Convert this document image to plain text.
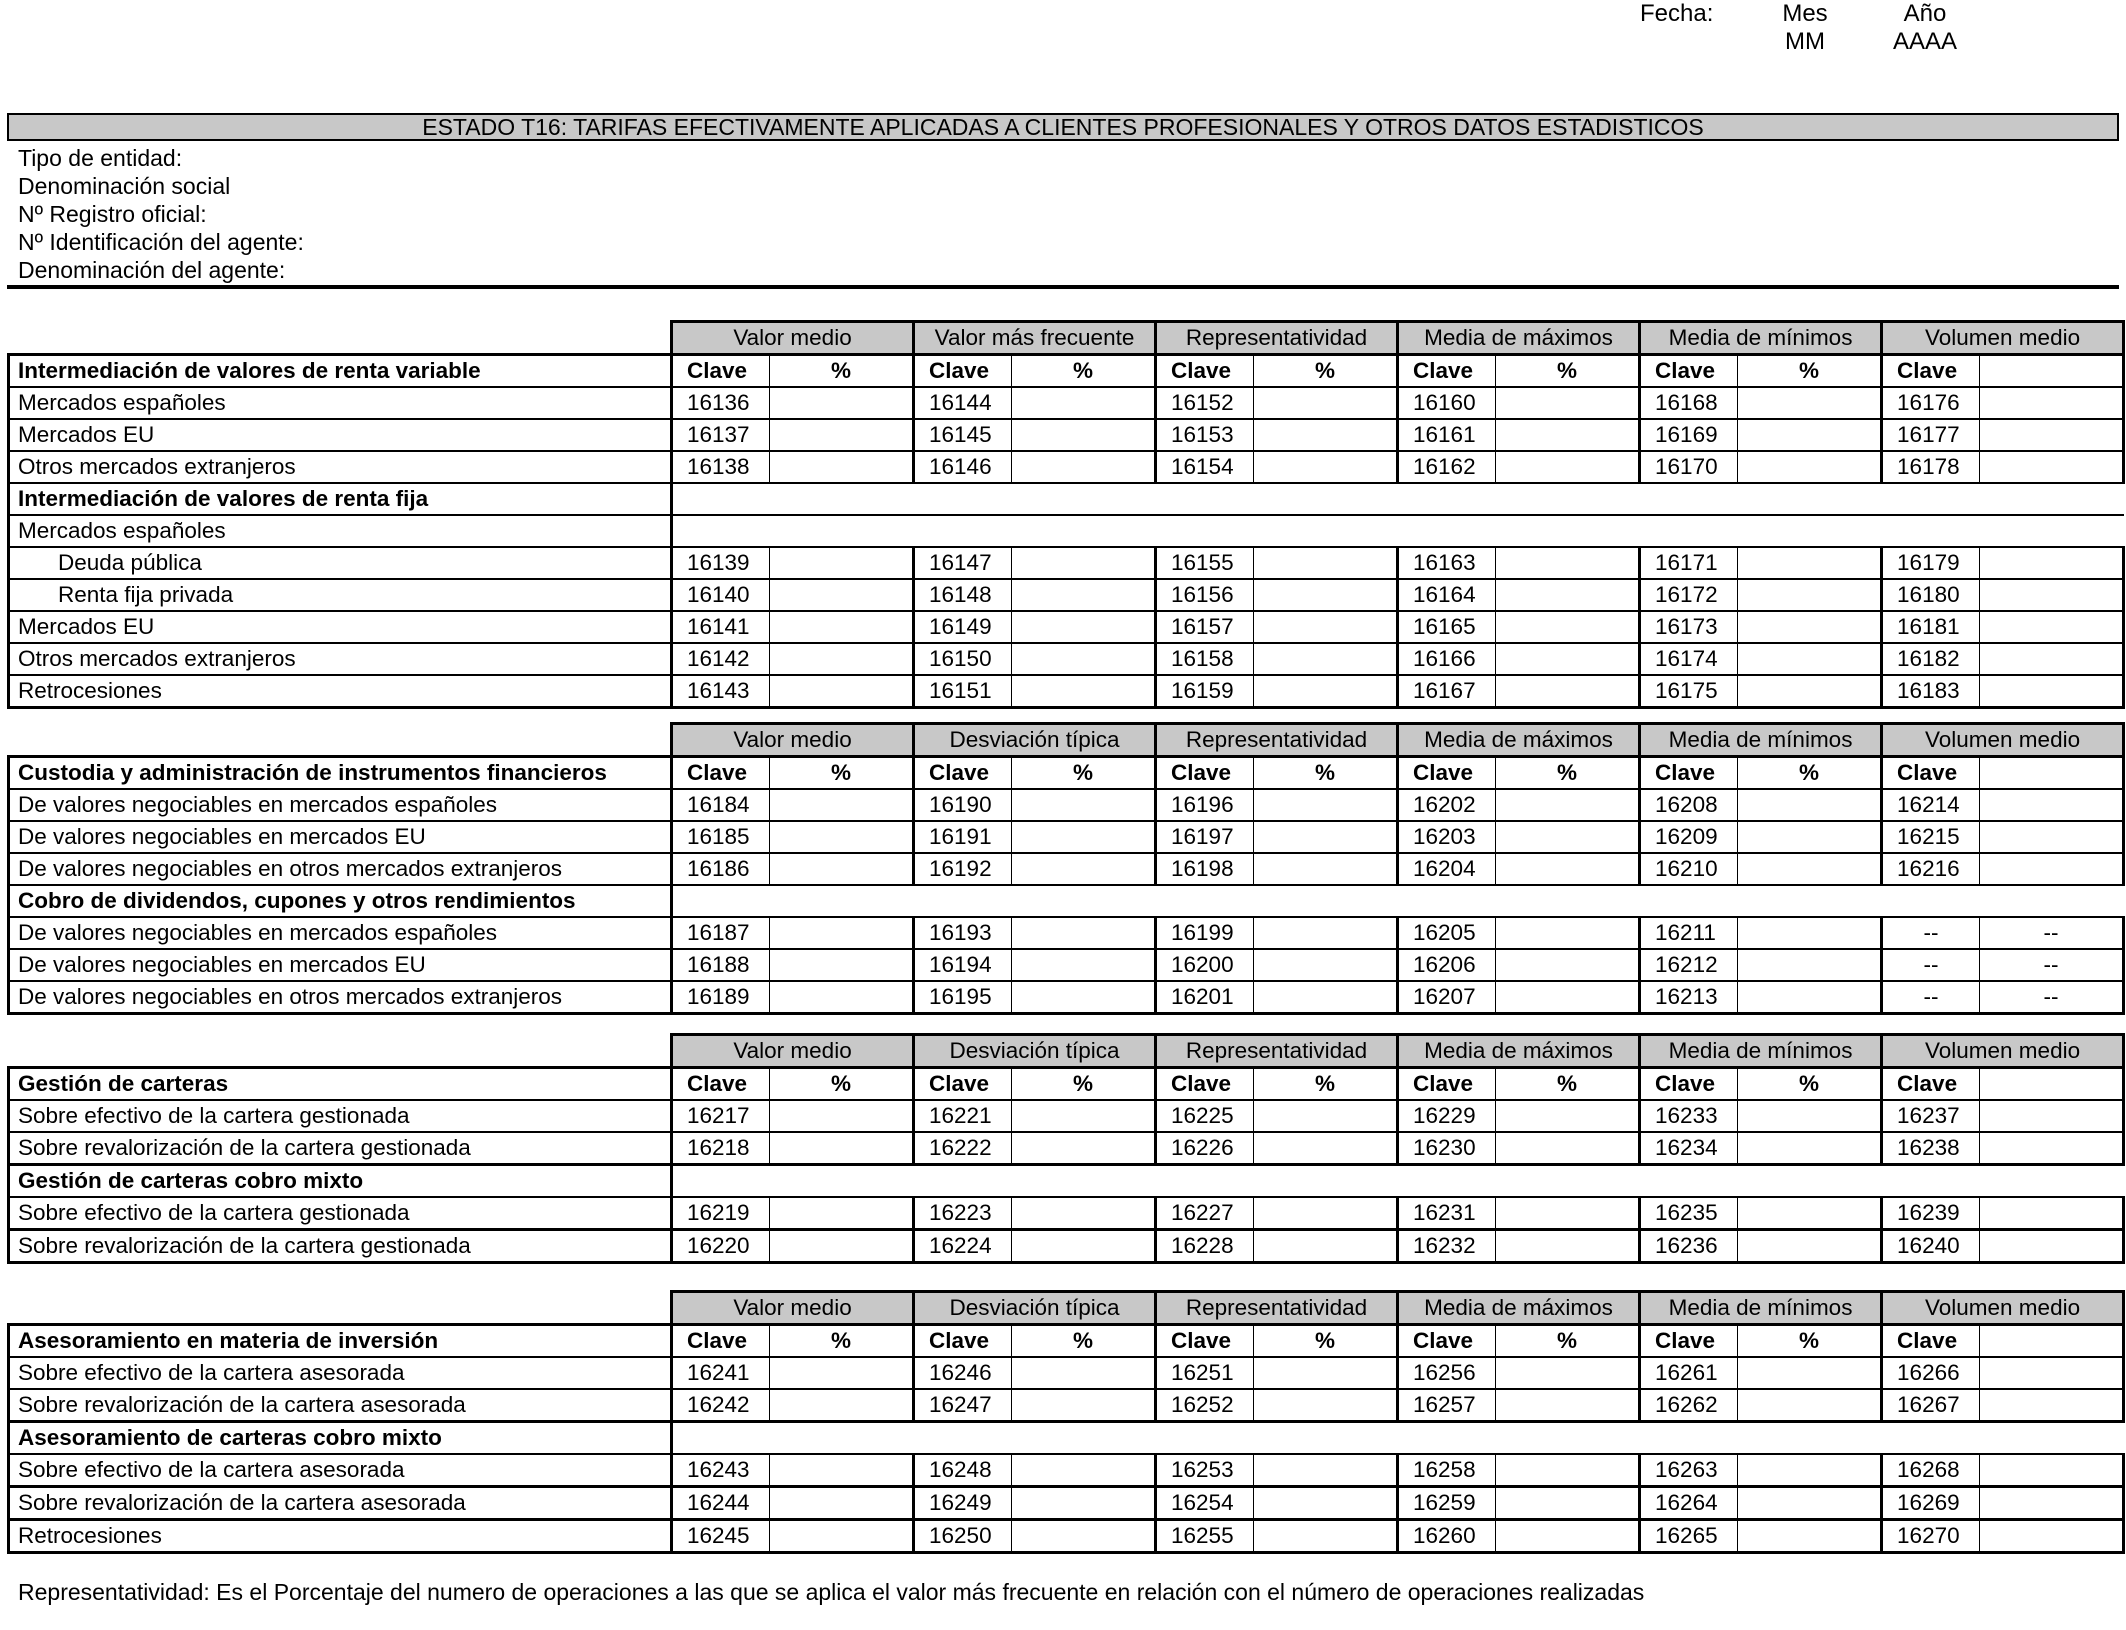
Fecha:	Mes
MM
Año
AAAA
ESTADO T16: TARIFAS EFECTIVAMENTE APLICADAS A CLIENTES PROFESIONALES Y OTROS DATOS ESTADISTICOS
Tipo de entidad:
Denominación social
Nº Registro oficial:
Nº Identificación del agente:
Denominación del agente:
	Valor medio		Valor más frecuente		Representatividad		Media de máximos		Media de mínimos		Volumen medio	
Intermediación de valores de renta variable	Clave	%	Clave	%	Clave	%	Clave	%	Clave	%	Clave	
Mercados españoles	16136		16144		16152		16160		16168		16176	
Mercados EU	16137		16145		16153		16161		16169		16177	
Otros mercados extranjeros	16138		16146		16154		16162		16170		16178	
Intermediación de valores de renta fija												
Mercados españoles												
Deuda pública	16139		16147		16155		16163		16171		16179	
Renta fija privada	16140		16148		16156		16164		16172		16180	
Mercados EU	16141		16149		16157		16165		16173		16181	
Otros mercados extranjeros	16142		16150		16158		16166		16174		16182	
Retrocesiones	16143		16151		16159		16167		16175		16183	
	Valor medio		Desviación típica		Representatividad		Media de máximos		Media de mínimos		Volumen medio	
Custodia y administración de instrumentos financieros	Clave	%	Clave	%	Clave	%	Clave	%	Clave	%	Clave	
De valores negociables en mercados españoles	16184		16190		16196		16202		16208		16214	
De valores negociables en mercados EU	16185		16191		16197		16203		16209		16215	
De valores negociables en otros mercados extranjeros	16186		16192		16198		16204		16210		16216	
Cobro de dividendos, cupones y otros rendimientos												
De valores negociables en mercados españoles	16187		16193		16199		16205		16211		--	--
De valores negociables en mercados EU	16188		16194		16200		16206		16212		--	--
De valores negociables en otros mercados extranjeros	16189		16195		16201		16207		16213		--	--
	Valor medio		Desviación típica		Representatividad		Media de máximos		Media de mínimos		Volumen medio	
Gestión de carteras	Clave	%	Clave	%	Clave	%	Clave	%	Clave	%	Clave	
Sobre efectivo de la cartera gestionada	16217		16221		16225		16229		16233		16237	
Sobre revalorización de la cartera gestionada	16218		16222		16226		16230		16234		16238	
Gestión de carteras cobro mixto												
Sobre efectivo de la cartera gestionada	16219		16223		16227		16231		16235		16239	
Sobre revalorización de la cartera gestionada	16220		16224		16228		16232		16236		16240	
	Valor medio		Desviación típica		Representatividad		Media de máximos		Media de mínimos		Volumen medio	
Asesoramiento en materia de inversión	Clave	%	Clave	%	Clave	%	Clave	%	Clave	%	Clave	
Sobre efectivo de la cartera asesorada	16241		16246		16251		16256		16261		16266	
Sobre revalorización de la cartera asesorada	16242		16247		16252		16257		16262		16267	
Asesoramiento de carteras cobro mixto												
Sobre efectivo de la cartera asesorada	16243		16248		16253		16258		16263		16268	
Sobre revalorización de la cartera asesorada	16244		16249		16254		16259		16264		16269	
Retrocesiones	16245		16250		16255		16260		16265		16270	
Representatividad: Es el Porcentaje del numero de operaciones a las que se aplica el valor más frecuente en relación con el número de operaciones realizadas
